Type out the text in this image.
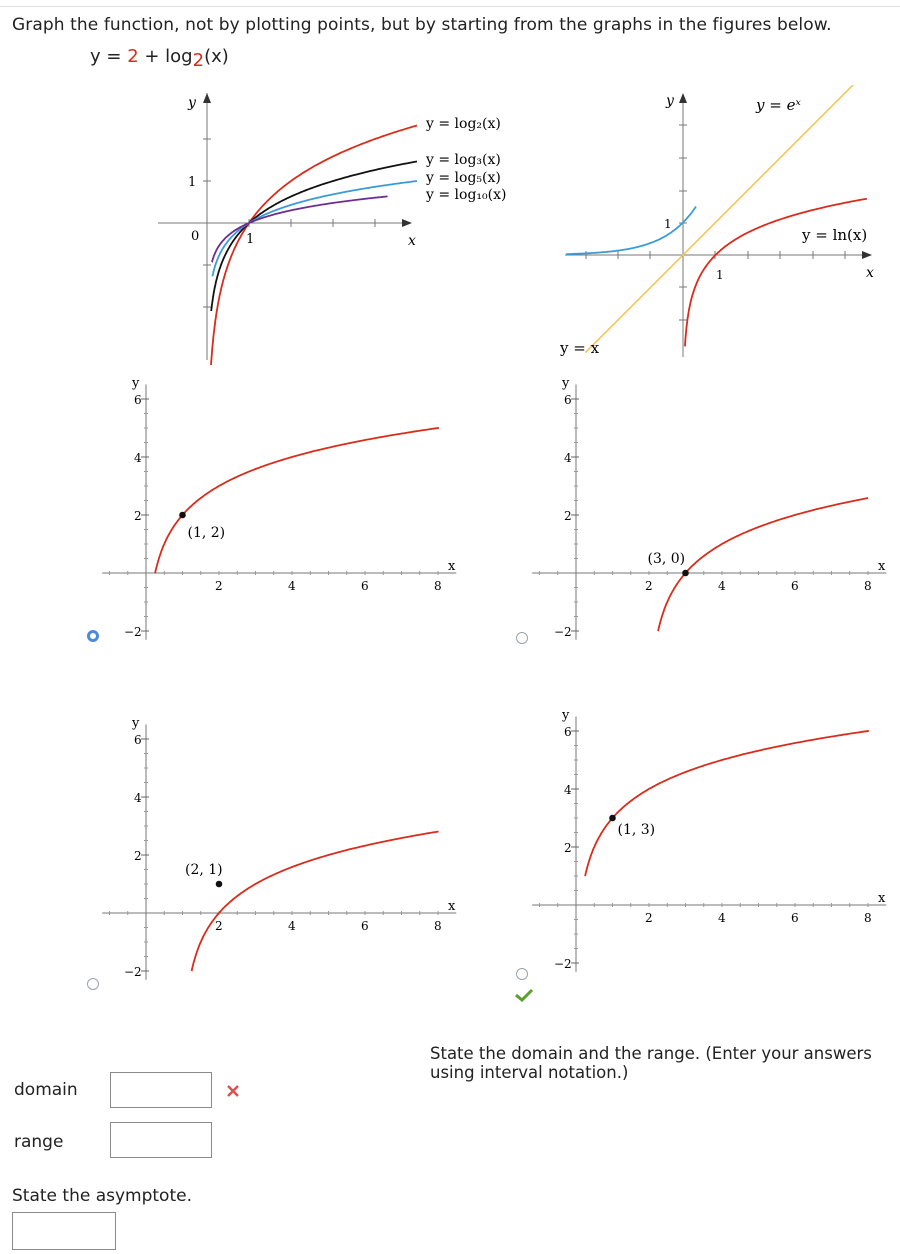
Graph the function, not by plotting points, but by starting from the graphs in the figures below.
y = 2 + log2(x)
y
1
0	1	x
y = log₂(x)
y = log₃(x)
y = log₅(x)
y = log₁₀(x)
y	y = eˣ
y = ln(x)
y = x
1
1	x
2	4	6	8
6
4
2
−2
y
x
(1, 2)
2	4	6	8
6
4
2
−2
y
x
(3, 0)
2	4	6	8
6
4
2
−2
y
x
(2, 1)
2	4	6	8
6
4
2
−2
y
x
(1, 3)
State the domain and the range. (Enter your answers using interval notation.)
domain
range
State the asymptote.
